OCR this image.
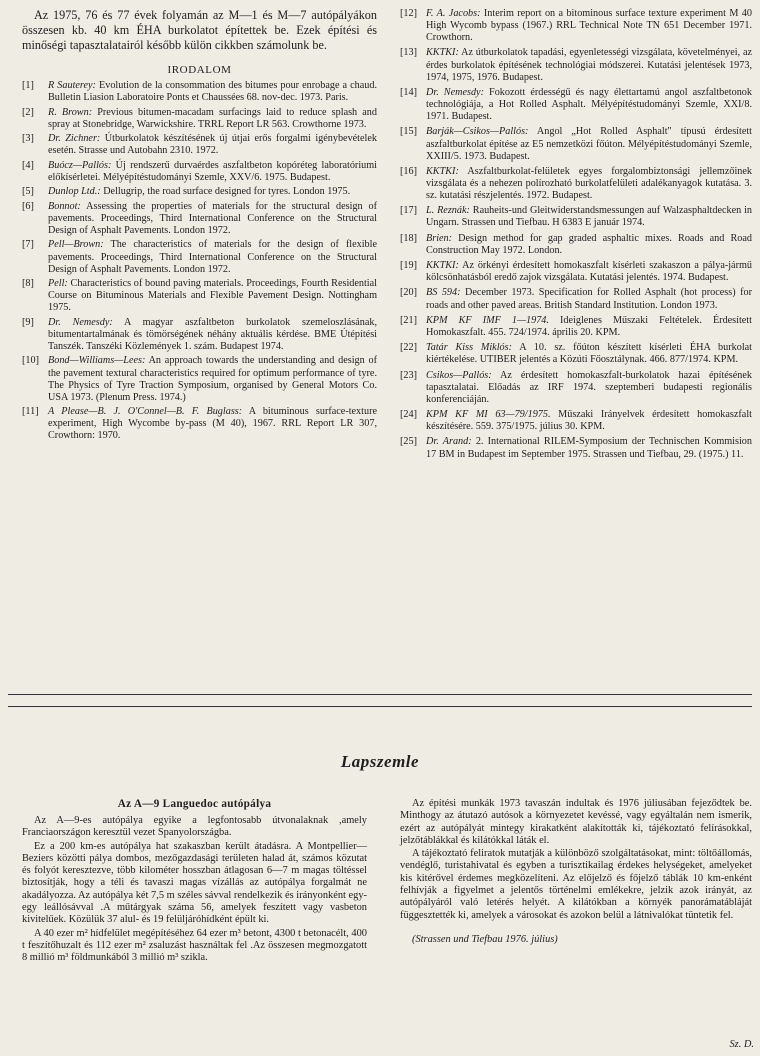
Az 1975, 76 és 77 évek folyamán az M—1 és M—7 autópályákon összesen kb. 40 km ÉHA burkolatot építettek be. Ezek építési és minőségi tapasztalatairól később külön cikkben számolunk be.

IRODALOM
[1]	R Sauterey: Evolution de la consommation des bitumes pour enrobage a chaud. Bulletin Liasion Laboratoire Ponts et Chaussées 68. nov-dec. 1973. Paris.
[2]	R. Brown: Previous bitumen-macadam surfacings laid to reduce splash and spray at Stonebridge, Warwickshire. TRRL Report LR 563. Crowthorne 1973.
[3]	Dr. Zichner: Útburkolatok készítésének új útjai erős forgalmi igénybevételek esetén. Strasse und Autobahn 2310. 1972.
[4]	Buócz—Pallós: Új rendszerű durvaérdes aszfaltbeton kopóréteg laboratóriumi előkísérletei. Mélyépítéstudományi Szemle, XXV/6. 1975. Budapest.
[5]	Dunlop Ltd.: Dellugrip, the road surface designed for tyres. London 1975.
[6]	Bonnot: Assessing the properties of materials for the structural design of pavements. Proceedings, Third International Conference on the Structural Design of Asphalt Pavements. London 1972.
[7]	Pell—Brown: The characteristics of materials for the design of flexible pavements. Proceedings, Third International Conference on the Structural Design of Asphalt Pavements. London 1972.
[8]	Pell: Characteristics of bound paving materials. Proceedings, Fourth Residential Course on Bituminous Materials and Flexible Pavement Design. Nottingham 1975.
[9]	Dr. Nemesdy: A magyar aszfaltbeton burkolatok szemeloszlásának, bitumentartalmának és tömörségének néhány aktuális kérdése. BME Útépítési Tanszék. Tanszéki Közlemények 1. szám. Budapest 1974.
[10] Bond—Williams—Lees: An approach towards the understanding and design of the pavement textural characteristics required for optimum performance of tyre. The Physics of Tyre Traction Symposium, organised by General Motors Co. USA 1973. (Plenum Press. 1974.)
[11] A Please—B. J. O'Connel—B. F. Buglass: A bituminous surface-texture experiment, High Wycombe by-pass (M 40), 1967. RRL Report LR 307, Crowthorn: 1970.
[12] F. A. Jacobs: Interim report on a bitominous surface texture experiment M 40 High Wycomb bypass (1967.) RRL Technical Note TN 651 December 1971. Crowthorn.
[13] KKTKI: Az útburkolatok tapadási, egyenletességi vizsgálata, követelményei, az érdes burkolatok építésének technológiai módszerei. Kutatási jelentések 1973, 1974, 1975, 1976. Budapest.
[14] Dr. Nemesdy: Fokozott érdességű és nagy élettartamú angol aszfaltbetonok technológiája, a Hot Rolled Asphalt. Mélyépítéstudományi Szemle, XXI/8. 1971. Budapest.
[15] Barják—Csikos—Pallós: Angol „Hot Rolled Asphalt" típusú érdesített aszfaltburkolat építése az E5 nemzetközi főúton. Mélyépítéstudományi Szemle, XXIII/5. 1973. Budapest.
[16] KKTKI: Aszfaltburkolat-felületek egyes forgalombiztonsági jellemzőinek vizsgálata és a nehezen polírozható burkolatfelületi adalékanyagok kutatása. 3. sz. kutatási részjelentés. 1972. Budapest.
[17] L. Reznák: Rauheits-und Gleitwiderstandsmessungen auf Walzasphaltdecken in Ungarn. Strassen und Tiefbau. H 6383 E január 1974.
[18] Brien: Design method for gap graded asphaltic mixes. Roads and Road Construction May 1972. London.
[19] KKTKI: Az örkényi érdesített homokaszfalt kísérleti szakaszon a pálya-jármű kölcsönhatásból eredő zajok vizsgálata. Kutatási jelentés. 1974. Budapest.
[20] BS 594: December 1973. Specification for Rolled Asphalt (hot process) for roads and other paved areas. British Standard Institution. London 1973.
[21] KPM KF IMF 1—1974. Ideiglenes Műszaki Feltételek. Érdesített Homokaszfalt. 455. 724/1974. április 20. KPM.
[22] Tatár Kiss Miklós: A 10. sz. főúton készített kísérleti ÉHA burkolat kiértékelése. UTIBER jelentés a Közúti Főosztálynak. 466. 877/1974. KPM.
[23] Csikos—Pallós: Az érdesített homokaszfalt-burkolatok hazai építésének tapasztalatai. Előadás az IRF 1974. szeptemberi budapesti regionális konferenciáján.
[24] KPM KF MI 63—79/1975. Műszaki Irányelvek érdesített homokaszfalt készítésére. 559. 375/1975. július 30. KPM.
[25] Dr. Arand: 2. International RILEM-Symposium der Technischen Kommision 17 BM in Budapest im September 1975. Strassen und Tiefbau, 29. (1975.) 11.
Lapszemle
Az A—9 Languedoc autópálya

Az A—9-es autópálya egyike a legfontosabb útvonalaknak ,amely Franciaországon keresztül vezet Spanyolországba.

Ez a 200 km-es autópálya hat szakaszban került átadásra. A Montpellier—Beziers közötti pálya dombos, mezőgazdasági területen halad át, számos közutat és folyót keresztezve, több kilométer hosszban átlagosan 6—7 m magas töltéssel biztosítják, hogy a téli és tavaszi magas vízállás az autópálya forgalmát ne akadályozza. Az autópálya két 7,5 m széles sávval rendelkezik és irányonként egy-egy leállósávval .A műtárgyak száma 56, amelyek feszített vagy vasbeton kivitelűek. Közülük 37 alul- és 19 felüljáróhídként épült ki.

A 40 ezer m² hídfelület megépítéséhez 64 ezer m³ betont, 4300 t betonacélt, 400 t feszítőhuzalt és 112 ezer m² zsaluzást használtak fel .Az összesen megmozgatott 8 millió m³ földmunkából 3 millió m³ szikla.

Az építési munkák 1973 tavaszán indultak és 1976 júliusában fejeződtek be. Minthogy az átutazó autósok a környezetet kevéssé, vagy egyáltalán nem ismerik, ezért az autópályát mintegy kirakatként alakították ki, tájékoztató felírásokkal, jelzőtáblákkal és kilátókkal láták el.

A tájékoztató feliratok mutatják a különböző szolgáltatásokat, mint: töltőállomás, vendéglő, turistahivatal és egyben a turisztikailag érdekes helységeket, amelyeket kis kitérővel érdemes megközelíteni. Az előjelző és főjelző táblák 10 km-enként felhívják a figyelmet a jelentős történelmi emlékekre, jelzik azok irányát, az autópályáról való letérés helyét. A kilátókban a környék panorámatábláját függesztették ki, amelyek a városokat és azokon belül a látnivalókat tüntetik fel.

(Strassen und Tiefbau 1976. július)
Sz. D.
